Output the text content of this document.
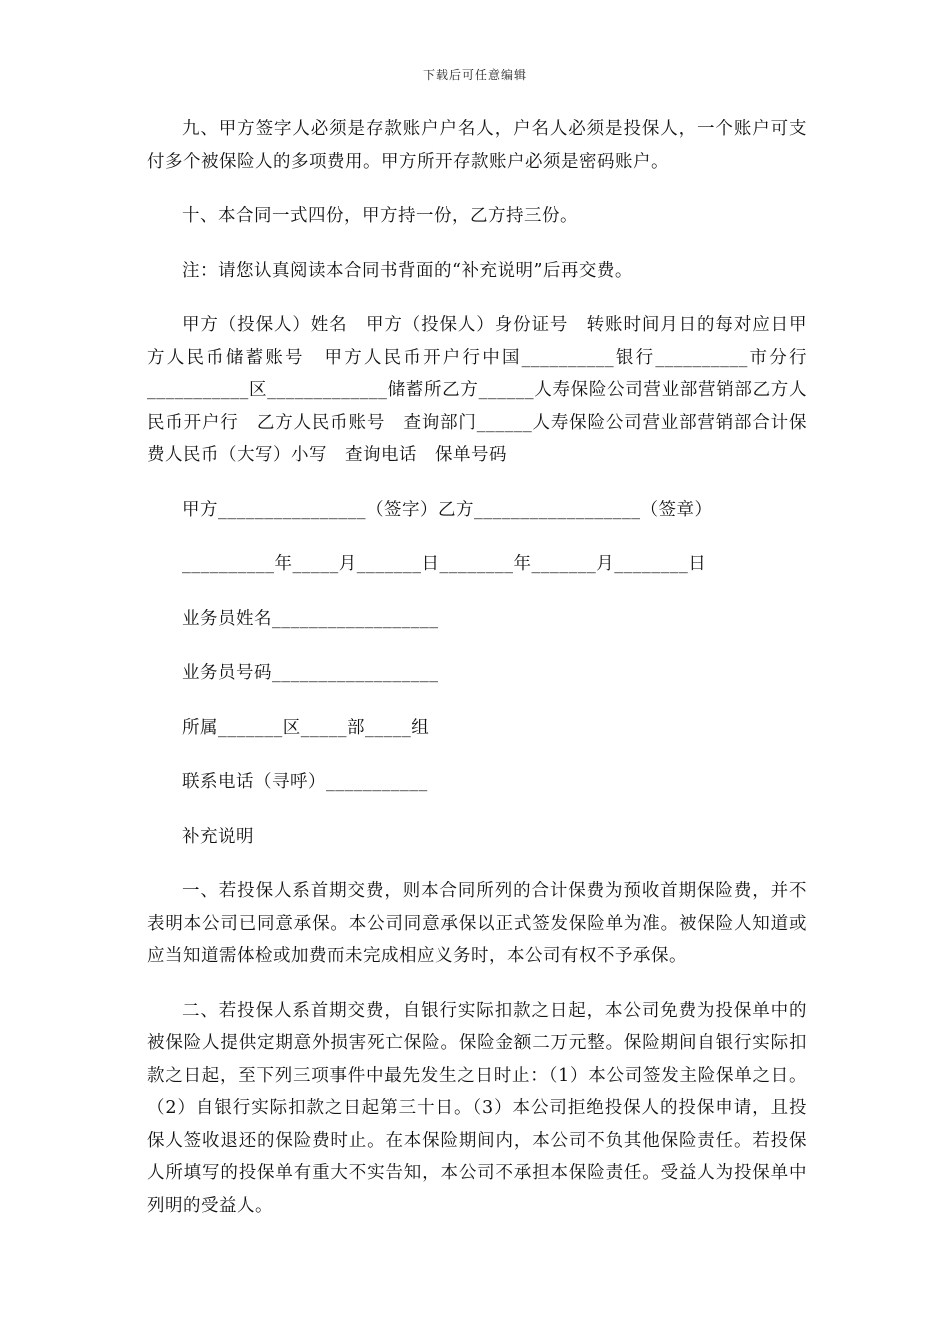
下载后可任意编辑

九、甲方签字人必须是存款账户户名人，户名人必须是投保人，一个账户可支付多个被保险人的多项费用。甲方所开存款账户必须是密码账户。

十、本合同一式四份，甲方持一份，乙方持三份。

注：请您认真阅读本合同书背面的“补充说明”后再交费。

甲方（投保人）姓名　甲方（投保人）身份证号　转账时间月日的每对应日甲方人民币储蓄账号　甲方人民币开户行中国__________银行__________市分行___________区_____________储蓄所乙方______人寿保险公司营业部营销部乙方人民币开户行　乙方人民币账号　查询部门______人寿保险公司营业部营销部合计保费人民币（大写）小写　查询电话　保单号码

甲方________________（签字）乙方__________________（签章）

__________年_____月_______日________年_______月________日

业务员姓名__________________

业务员号码__________________

所属_______区_____部_____组

联系电话（寻呼）___________

补充说明

一、若投保人系首期交费，则本合同所列的合计保费为预收首期保险费，并不表明本公司已同意承保。本公司同意承保以正式签发保险单为准。被保险人知道或应当知道需体检或加费而未完成相应义务时，本公司有权不予承保。

二、若投保人系首期交费，自银行实际扣款之日起，本公司免费为投保单中的被保险人提供定期意外损害死亡保险。保险金额二万元整。保险期间自银行实际扣款之日起，至下列三项事件中最先发生之日时止：（1）本公司签发主险保单之日。（2）自银行实际扣款之日起第三十日。（3）本公司拒绝投保人的投保申请，且投保人签收退还的保险费时止。在本保险期间内，本公司不负其他保险责任。若投保人所填写的投保单有重大不实告知，本公司不承担本保险责任。受益人为投保单中列明的受益人。
